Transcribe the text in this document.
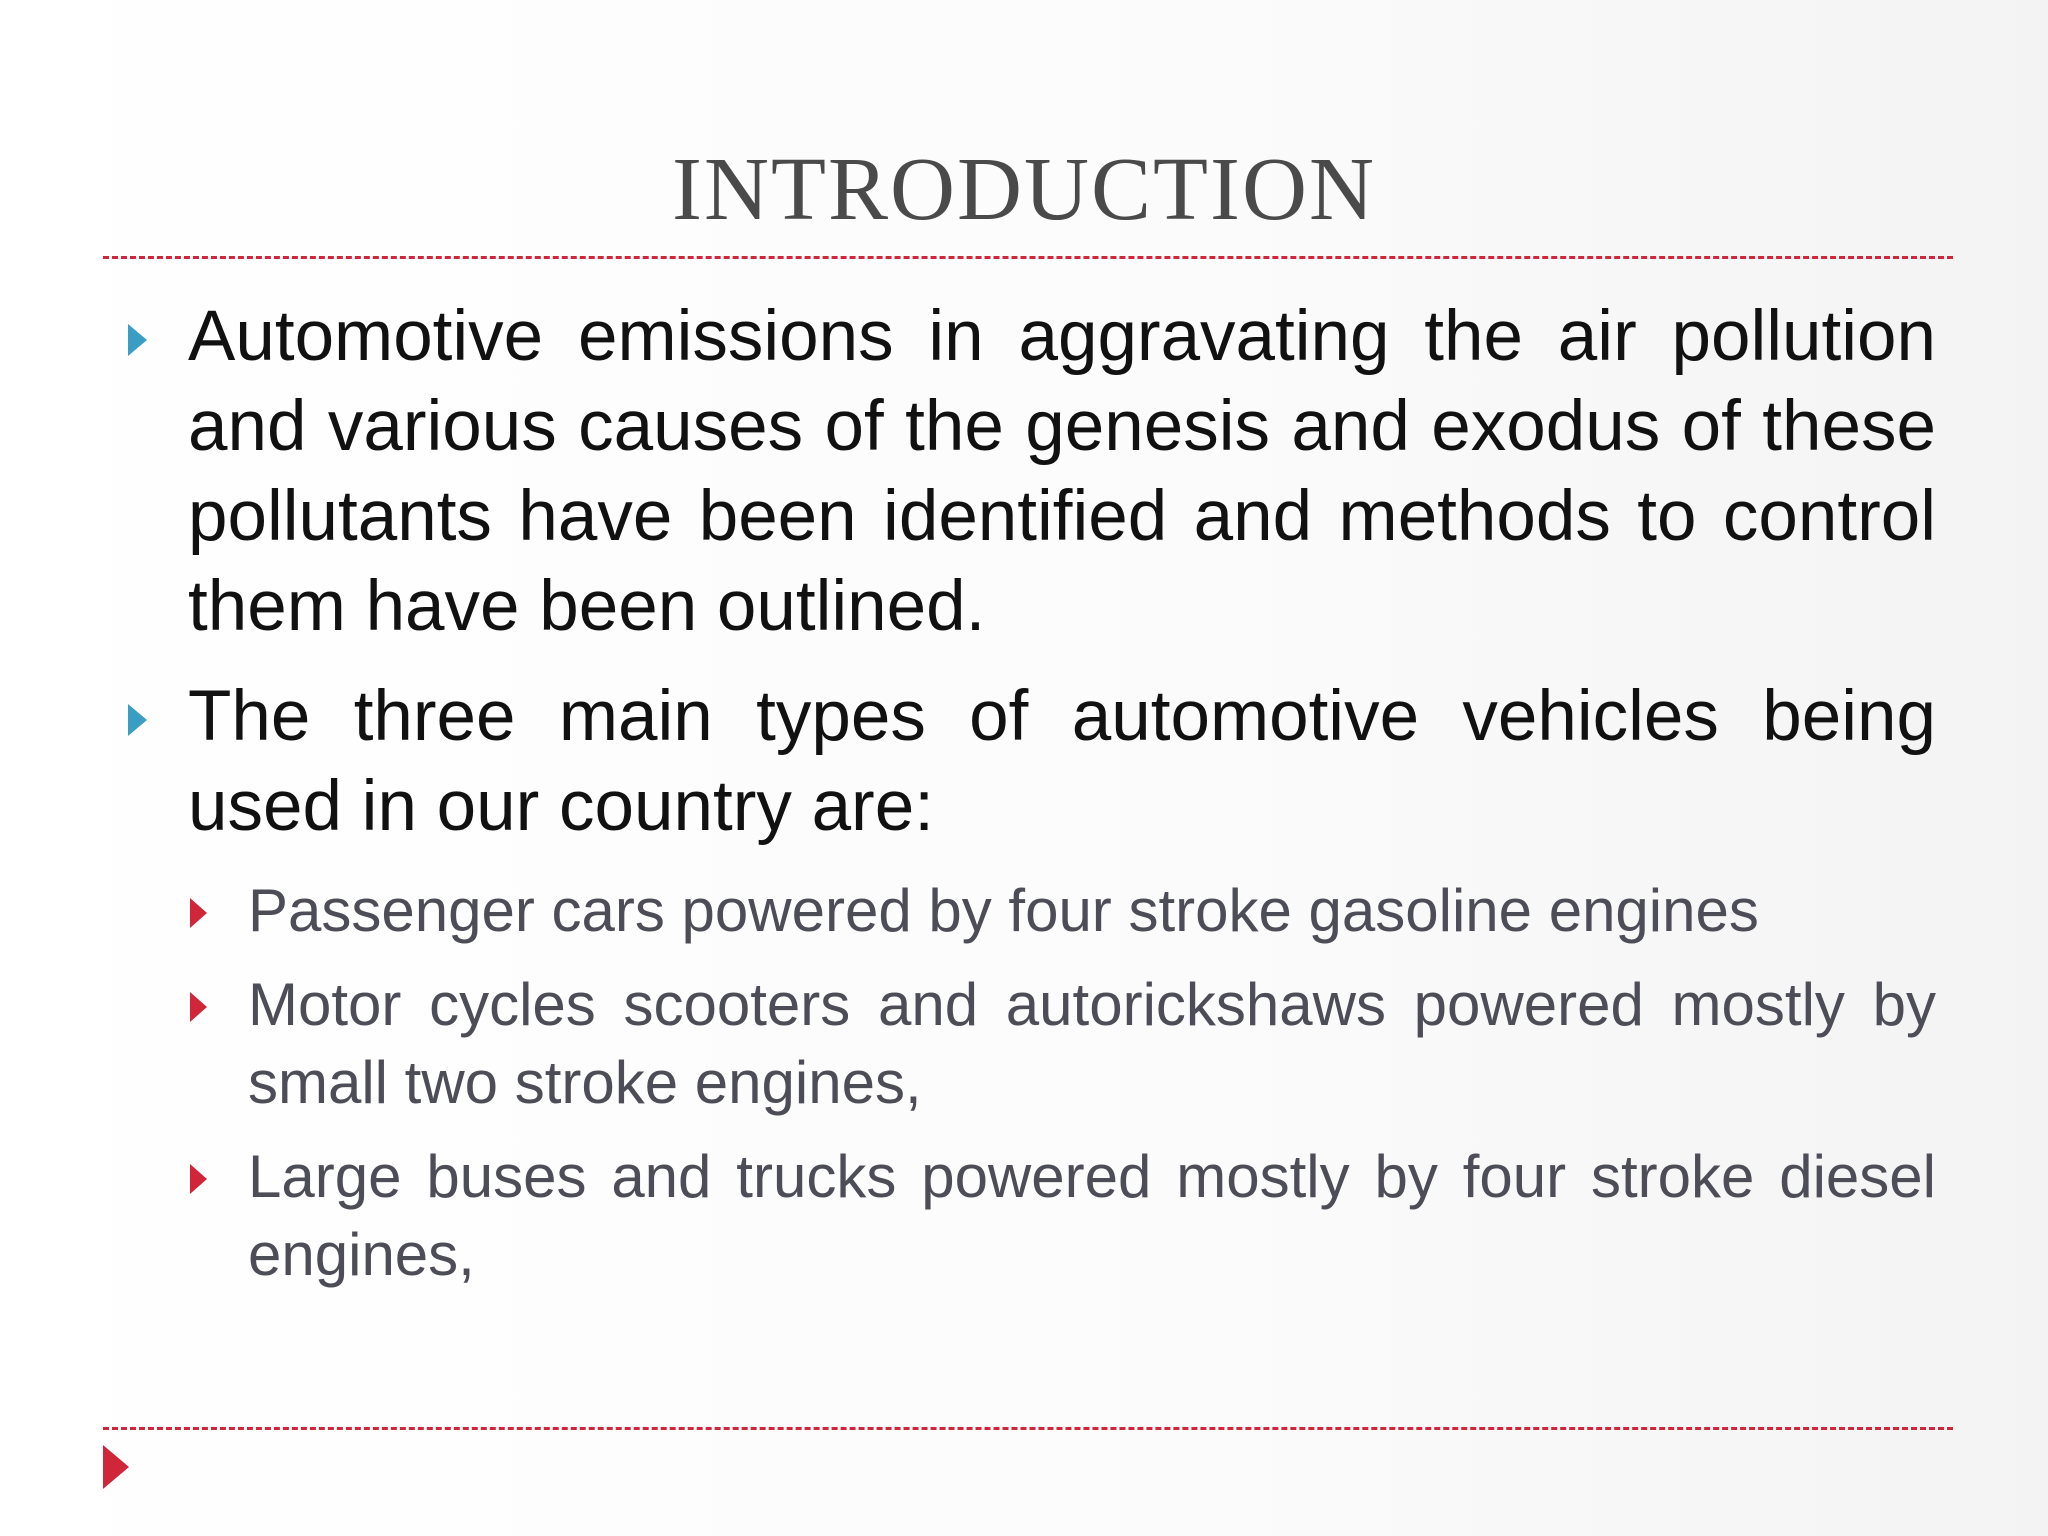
INTRODUCTION
Automotive emissions in aggravating the air pollution and various causes of the genesis and exodus of these pollutants have been identified and methods to control them have been outlined.
The three main types of automotive vehicles being used in our country are:
Passenger cars powered by four stroke gasoline engines
Motor cycles scooters and autorickshaws powered mostly by small two stroke engines,
Large buses and trucks powered mostly by four stroke diesel engines,
